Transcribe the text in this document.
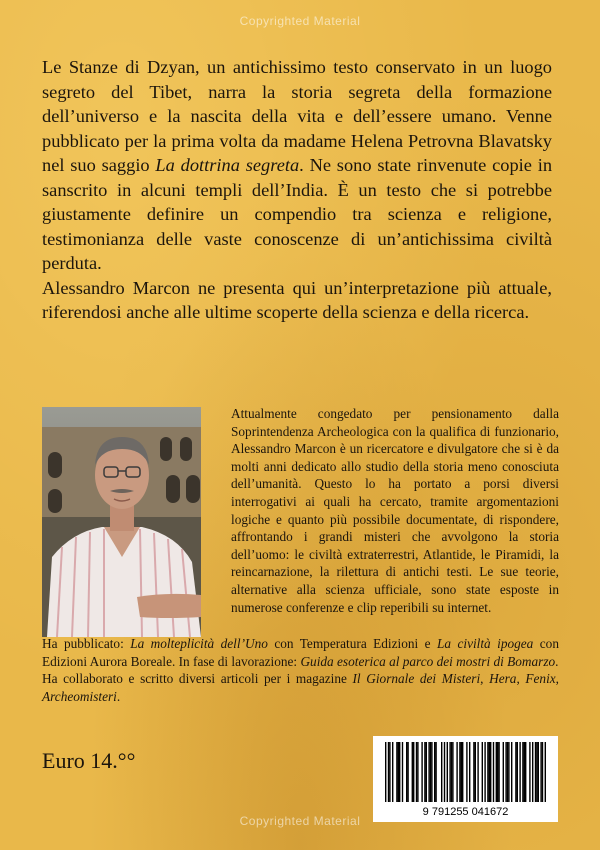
Copyrighted Material

Le Stanze di Dzyan, un antichissimo testo conservato in un luogo segreto del Tibet, narra la storia segreta della formazione dell’universo e la nascita della vita e dell’essere umano. Venne pubblicato per la prima volta da madame Helena Petrovna Blavatsky nel suo saggio La dottrina segreta. Ne sono state rinvenute copie in sanscrito in alcuni templi dell’India. È un testo che si potrebbe giustamente definire un compendio tra scienza e religione, testimonianza delle vaste conoscenze di un’antichissima civiltà perduta.

Alessandro Marcon ne presenta qui un’interpretazione più attuale, riferendosi anche alle ultime scoperte della scienza e della ricerca.

Attualmente congedato per pensionamento dalla Soprintendenza Archeologica con la qualifica di funzionario, Alessandro Marcon è un ricercatore e divulgatore che si è da molti anni dedicato allo studio della storia meno conosciuta dell’umanità. Questo lo ha portato a porsi diversi interrogativi ai quali ha cercato, tramite argomentazioni logiche e quanto più possibile documentate, di rispondere, affrontando i grandi misteri che avvolgono la storia dell’uomo: le civiltà extraterrestri, Atlantide, le Piramidi, la reincarnazione, la rilettura di antichi testi. Le sue teorie, alternative alla scienza ufficiale, sono state esposte in numerose conferenze e clip reperibili su internet.

Ha pubblicato: La molteplicità dell’Uno con Temperatura Edizioni e La civiltà ipogea con Edizioni Aurora Boreale. In fase di lavorazione: Guida esoterica al parco dei mostri di Bomarzo.

Ha collaborato e scritto diversi articoli per i magazine Il Giornale dei Misteri, Hera, Fenix, Archeomisteri.

Euro 14.°°
9 791255 041672
Copyrighted Material
